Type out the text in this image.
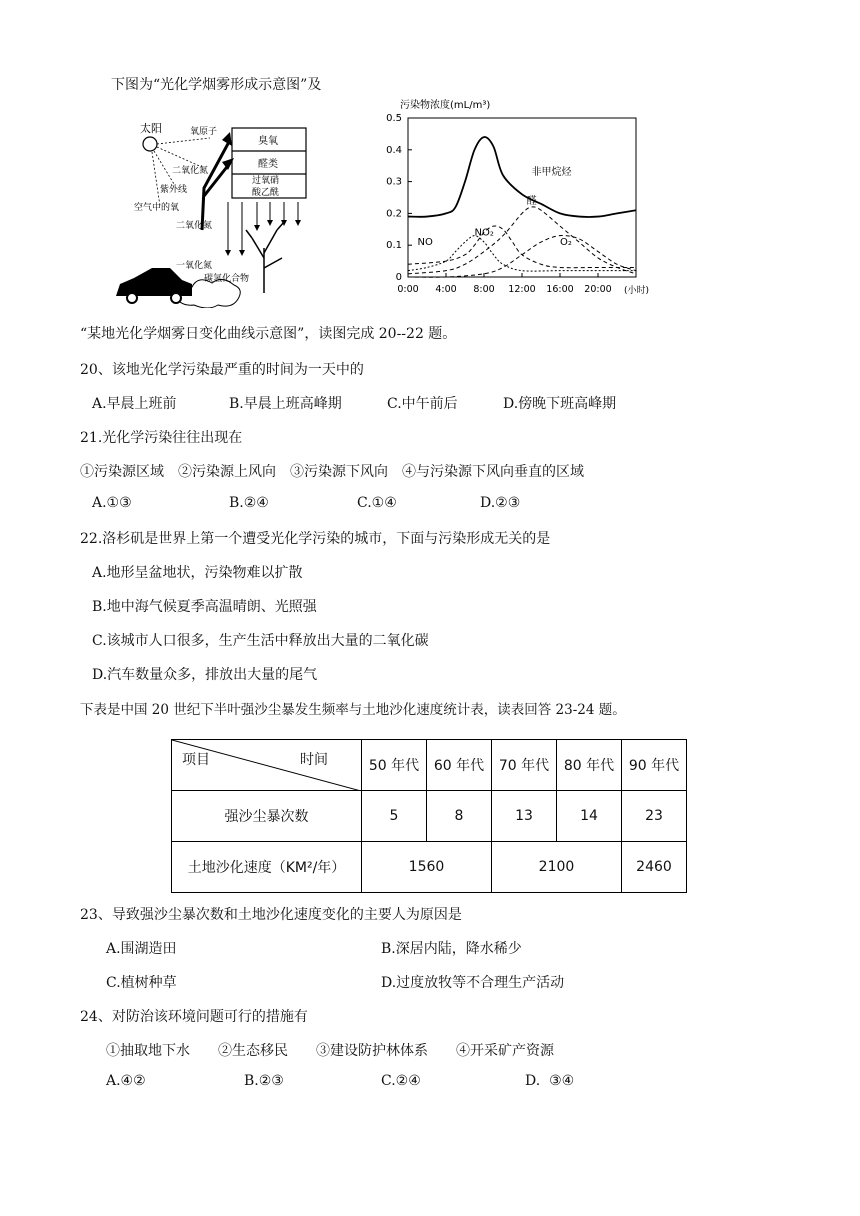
下图为“光化学烟雾形成示意图”及
太阳	氧原子
二氧化氮
紫外线
空气中的氧
臭氧
醛类
过氧硝
酸乙酰
二氧化氮
一氧化氮
碳氢化合物
污染物浓度(mL/m³)
0
0.1
0.2
0.3
0.4
0.5
0:00 4:00 8:00 12:00 16:00 20:00 (小时)
非甲烷烃
NO
NO₂
醛
O₂
“某地光化学烟雾日变化曲线示意图”，读图完成 20--22 题。
20、该地光化学污染最严重的时间为一天中的
A.早晨上班前	B.早晨上班高峰期	C.中午前后	D.傍晚下班高峰期
21.光化学污染往往出现在
①污染源区域　②污染源上风向　③污染源下风向　④与污染源下风向垂直的区域
A.①③	B.②④	C.①④	D.②③
22.洛杉矶是世界上第一个遭受光化学污染的城市，下面与污染形成无关的是
A.地形呈盆地状，污染物难以扩散
B.地中海气候夏季高温晴朗、光照强
C.该城市人口很多，生产生活中释放出大量的二氧化碳
D.汽车数量众多，排放出大量的尾气
下表是中国 20 世纪下半叶强沙尘暴发生频率与土地沙化速度统计表，读表回答 23-24 题。
项目 时间	50 年代	60 年代	70 年代	80 年代	90 年代
强沙尘暴次数	5	8	13	14	23
土地沙化速度（KM²/年）	1560		2100		2460
23、导致强沙尘暴次数和土地沙化速度变化的主要人为原因是
A.围湖造田	B.深居内陆，降水稀少
C.植树种草	D.过度放牧等不合理生产活动
24、对防治该环境问题可行的措施有
①抽取地下水　　②生态移民　　③建设防护林体系　　④开采矿产资源
A.④②	B.②③	C.②④	D.  ③④
